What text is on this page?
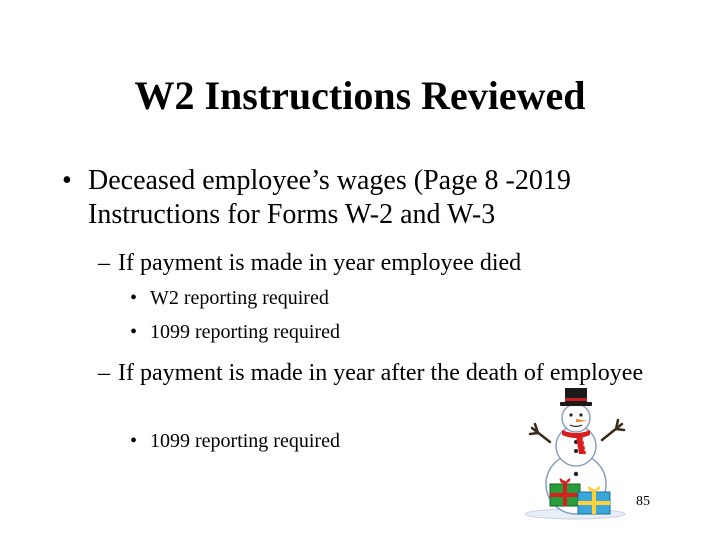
W2 Instructions Reviewed
• Deceased employee’s wages (Page 8 -2019 Instructions for Forms W-2 and W-3
– If payment is made in year employee died
• W2 reporting required
• 1099 reporting required
– If payment is made in year after the death of employee
• 1099 reporting required
85
